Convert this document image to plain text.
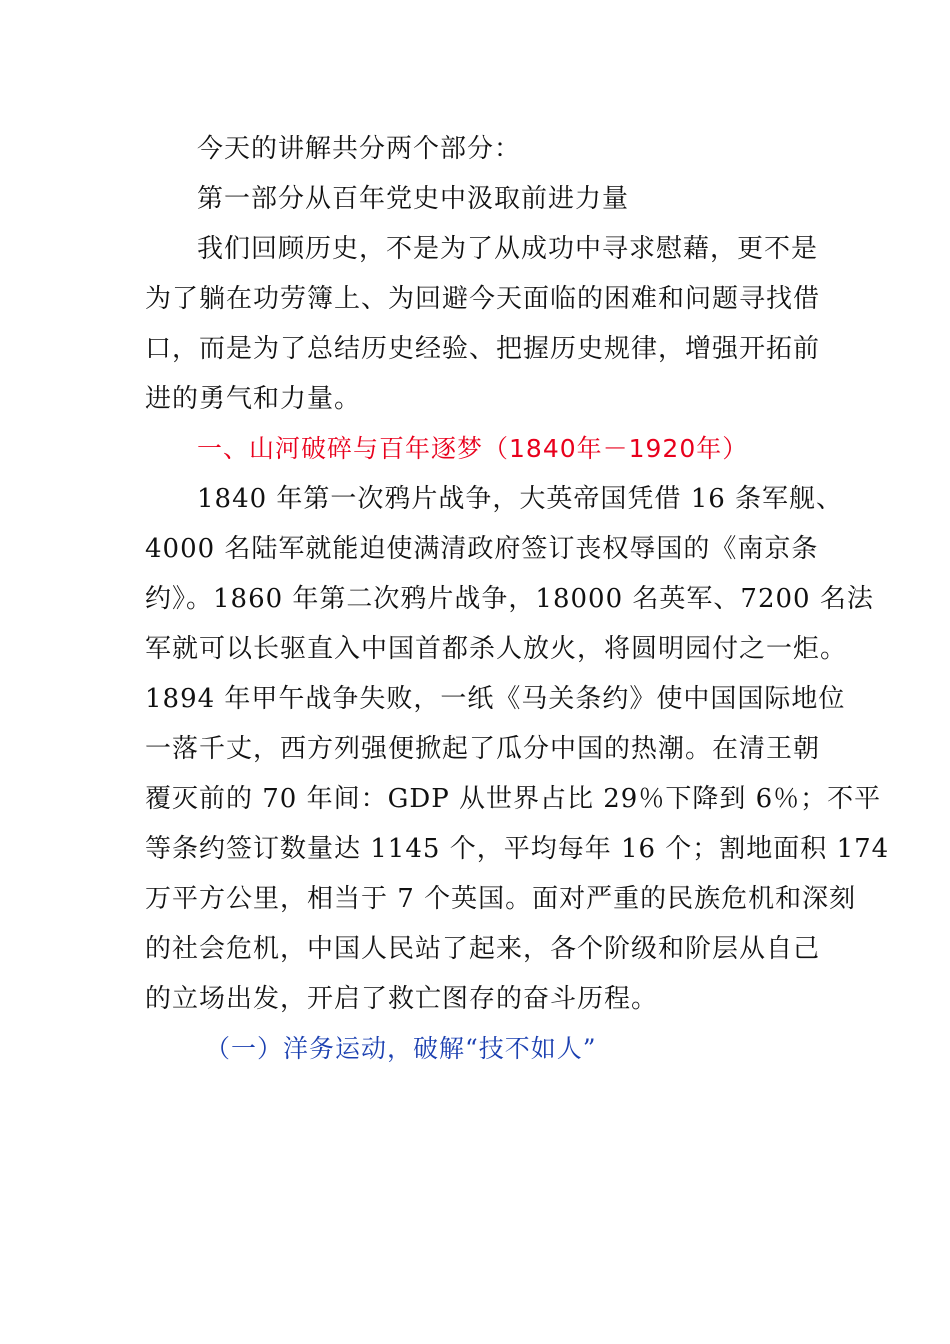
今天的讲解共分两个部分：
第一部分从百年党史中汲取前进力量
我们回顾历史，不是为了从成功中寻求慰藉，更不是
为了躺在功劳簿上、为回避今天面临的困难和问题寻找借
口，而是为了总结历史经验、把握历史规律，增强开拓前
进的勇气和力量。
一、山河破碎与百年逐梦（1840年－1920年）
1840 年第一次鸦片战争，大英帝国凭借 16 条军舰、
4000 名陆军就能迫使满清政府签订丧权辱国的《南京条
约》。1860 年第二次鸦片战争，18000 名英军、7200 名法
军就可以长驱直入中国首都杀人放火，将圆明园付之一炬。
1894 年甲午战争失败，一纸《马关条约》使中国国际地位
一落千丈，西方列强便掀起了瓜分中国的热潮。在清王朝
覆灭前的 70 年间：GDP 从世界占比 29％下降到 6％；不平
等条约签订数量达 1145 个，平均每年 16 个；割地面积 174
万平方公里，相当于 7 个英国。面对严重的民族危机和深刻
的社会危机，中国人民站了起来，各个阶级和阶层从自己
的立场出发，开启了救亡图存的奋斗历程。
（一）洋务运动，破解“技不如人”
